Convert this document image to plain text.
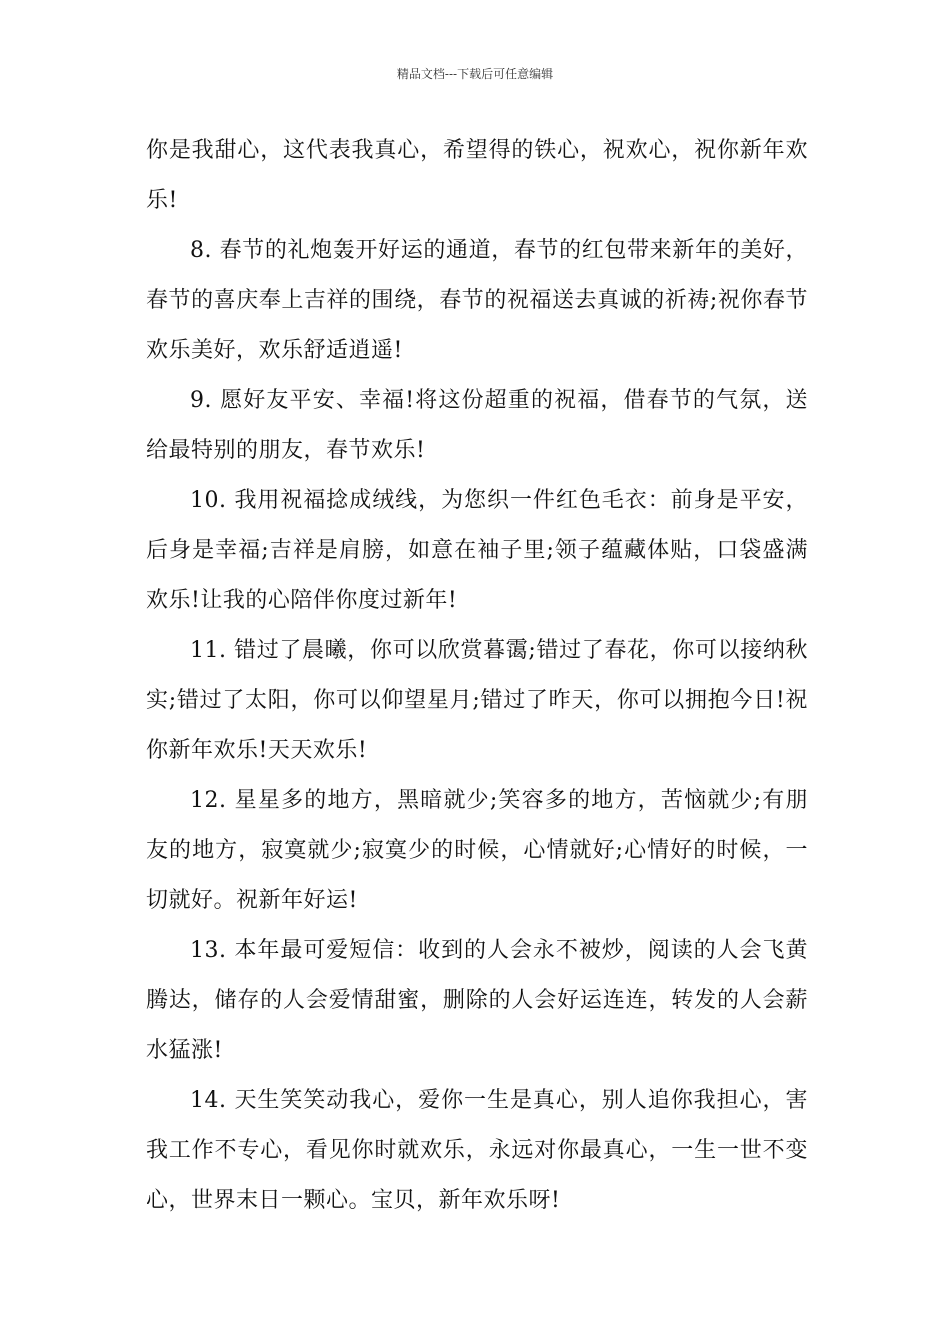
精品文档---下载后可任意编辑

你是我甜心，这代表我真心，希望得的铁心，祝欢心，祝你新年欢乐!

8. 春节的礼炮轰开好运的通道，春节的红包带来新年的美好，春节的喜庆奉上吉祥的围绕，春节的祝福送去真诚的祈祷;祝你春节欢乐美好，欢乐舒适逍遥!

9. 愿好友平安、幸福!将这份超重的祝福，借春节的气氛，送给最特别的朋友，春节欢乐!

10. 我用祝福捻成绒线，为您织一件红色毛衣：前身是平安，后身是幸福;吉祥是肩膀，如意在袖子里;领子蕴藏体贴，口袋盛满欢乐!让我的心陪伴你度过新年!

11. 错过了晨曦，你可以欣赏暮霭;错过了春花，你可以接纳秋实;错过了太阳，你可以仰望星月;错过了昨天，你可以拥抱今日!祝你新年欢乐!天天欢乐!

12. 星星多的地方，黑暗就少;笑容多的地方，苦恼就少;有朋友的地方，寂寞就少;寂寞少的时候，心情就好;心情好的时候，一切就好。祝新年好运!

13. 本年最可爱短信：收到的人会永不被炒，阅读的人会飞黄腾达，储存的人会爱情甜蜜，删除的人会好运连连，转发的人会薪水猛涨!

14. 天生笑笑动我心，爱你一生是真心，别人追你我担心，害我工作不专心，看见你时就欢乐，永远对你最真心，一生一世不变心，世界末日一颗心。宝贝，新年欢乐呀!
